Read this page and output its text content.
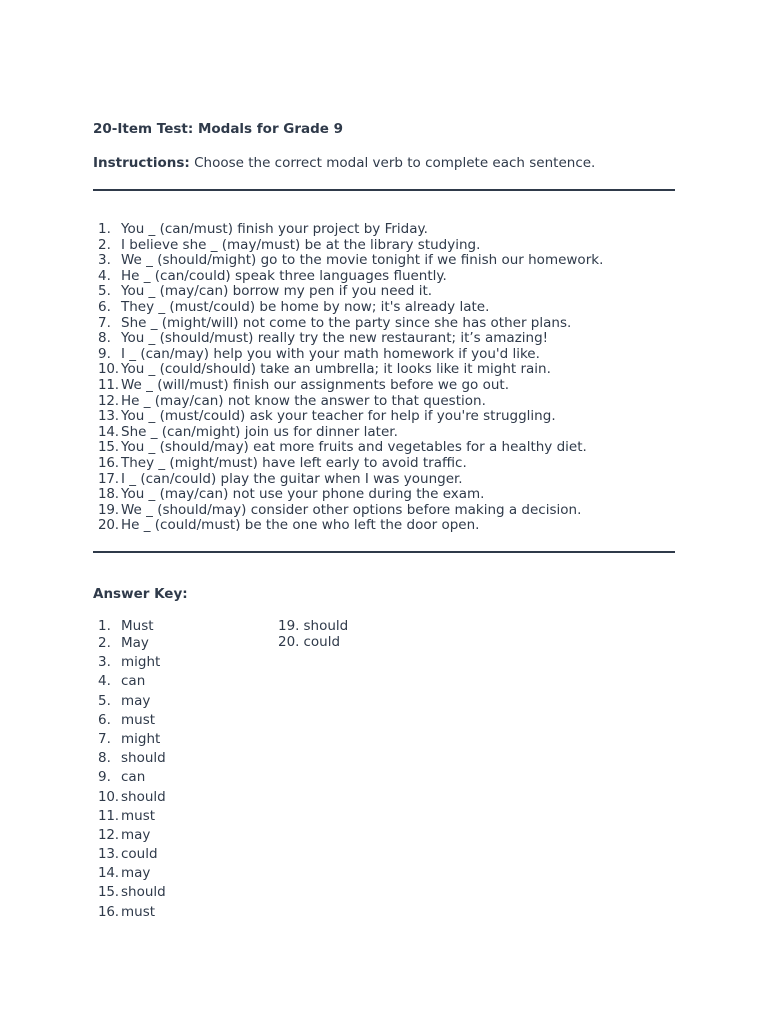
20-Item Test: Modals for Grade 9
Instructions: Choose the correct modal verb to complete each sentence.
1. You _ (can/must) finish your project by Friday.
2. I believe she _ (may/must) be at the library studying.
3. We _ (should/might) go to the movie tonight if we finish our homework.
4. He _ (can/could) speak three languages fluently.
5. You _ (may/can) borrow my pen if you need it.
6. They _ (must/could) be home by now; it's already late.
7. She _ (might/will) not come to the party since she has other plans.
8. You _ (should/must) really try the new restaurant; it’s amazing!
9. I _ (can/may) help you with your math homework if you'd like.
10. You _ (could/should) take an umbrella; it looks like it might rain.
11. We _ (will/must) finish our assignments before we go out.
12. He _ (may/can) not know the answer to that question.
13. You _ (must/could) ask your teacher for help if you're struggling.
14. She _ (can/might) join us for dinner later.
15. You _ (should/may) eat more fruits and vegetables for a healthy diet.
16. They _ (might/must) have left early to avoid traffic.
17. I _ (can/could) play the guitar when I was younger.
18. You _ (may/can) not use your phone during the exam.
19. We _ (should/may) consider other options before making a decision.
20. He _ (could/must) be the one who left the door open.
Answer Key:
1. Must
2. May
3. might
4. can
5. may
6. must
7. might
8. should
9. can
10. should
11. must
12. may
13. could
14. may
15. should
16. must
19. should
20. could
